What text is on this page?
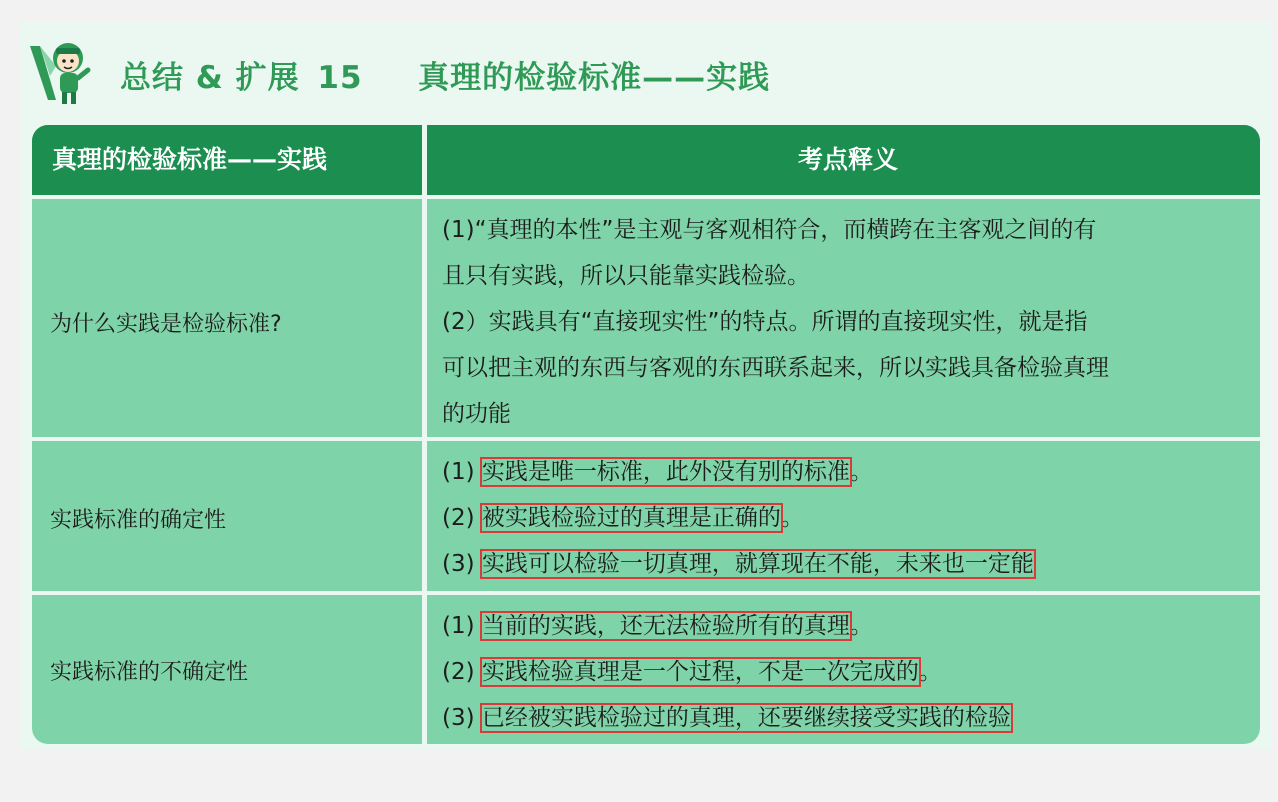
总结 & 扩展 15 真理的检验标准——实践
真理的检验标准——实践	考点释义
为什么实践是检验标准?
(1)“真理的本性”是主观与客观相符合，而横跨在主客观之间的有
且只有实践，所以只能靠实践检验。
(2）实践具有“直接现实性”的特点。所谓的直接现实性，就是指
可以把主观的东西与客观的东西联系起来，所以实践具备检验真理
的功能
实践标准的确定性
(1) 实践是唯一标准，此外没有别的标准。
(2) 被实践检验过的真理是正确的。
(3) 实践可以检验一切真理，就算现在不能，未来也一定能
实践标准的不确定性
(1) 当前的实践，还无法检验所有的真理。
(2) 实践检验真理是一个过程，不是一次完成的。
(3) 已经被实践检验过的真理，还要继续接受实践的检验
